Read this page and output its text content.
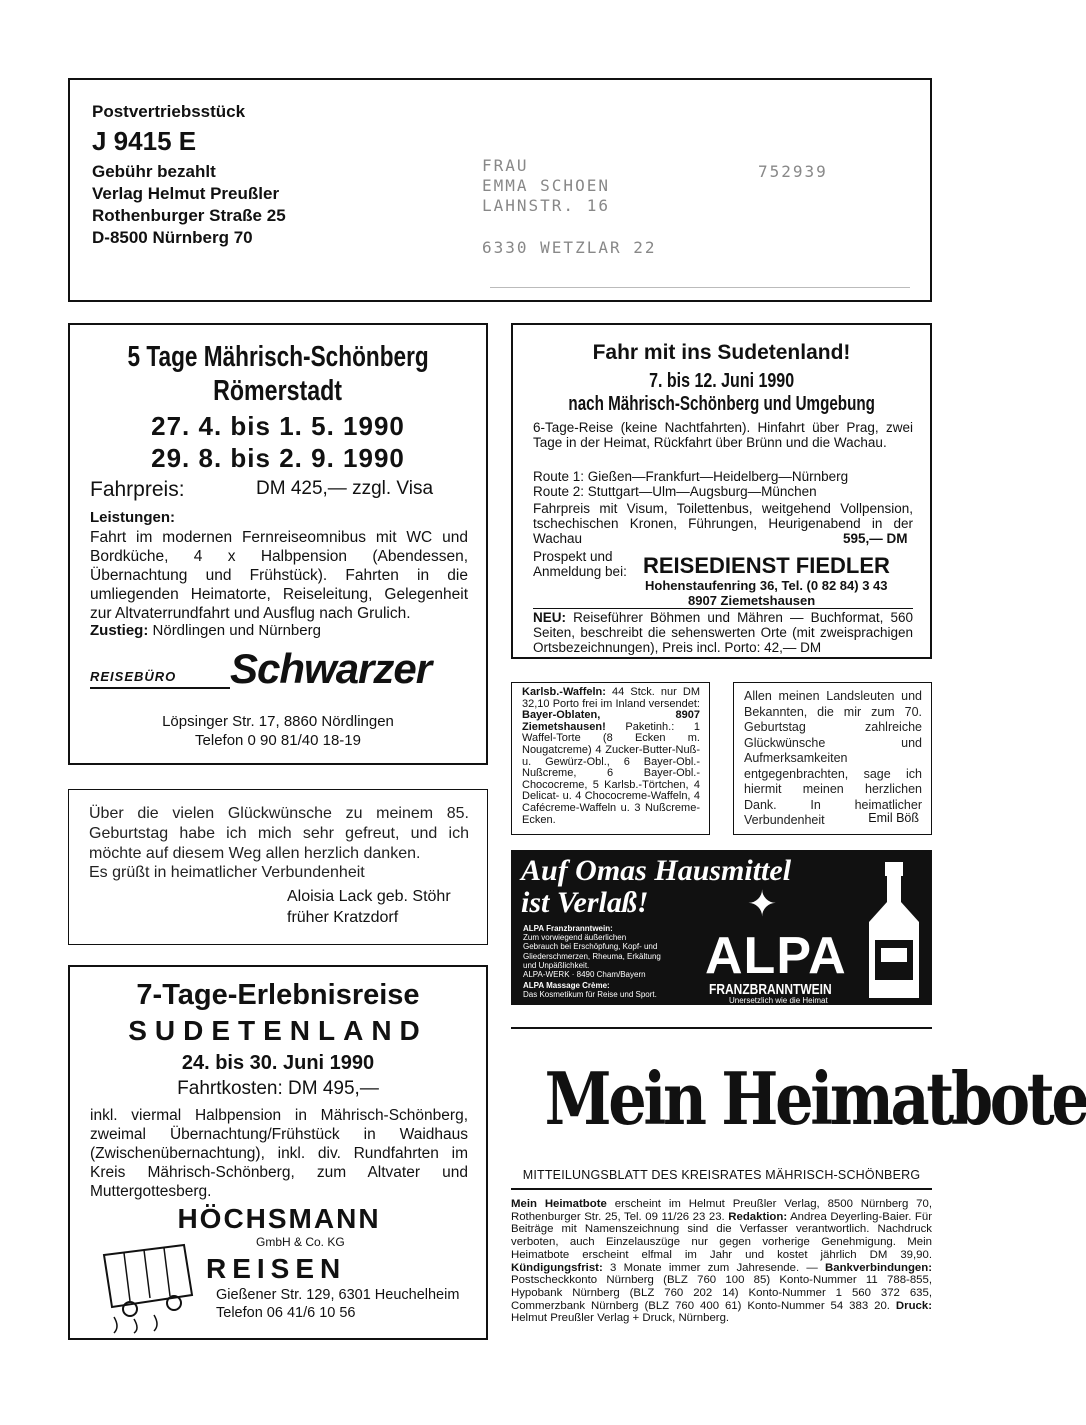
Postvertriebsstück
J 9415 E
Gebühr bezahlt
Verlag Helmut Preußler
Rothenburger Straße 25
D-8500 Nürnberg 70
FRAU
EMMA SCHOEN
LAHNSTR. 16
6330 WETZLAR 22
752939
5 Tage Mährisch-Schönberg
Römerstadt
27. 4. bis 1. 5. 1990
29. 8. bis 2. 9. 1990
Fahrpreis:	DM 425,— zzgl. Visa
Leistungen:
Fahrt im modernen Fernreiseomnibus mit WC und Bordküche, 4 x Halbpension (Abendessen, Übernachtung und Frühstück). Fahrten in die umliegenden Heimatorte, Reiseleitung, Gelegenheit zur Altvaterrundfahrt und Ausflug nach Grulich.
Zustieg: Nördlingen und Nürnberg
REISEBÜRO Schwarzer
Löpsinger Str. 17, 8860 Nördlingen
Telefon 0 90 81/40 18-19
Fahr mit ins Sudetenland!
7. bis 12. Juni 1990
nach Mährisch-Schönberg und Umgebung
6-Tage-Reise (keine Nachtfahrten). Hinfahrt über Prag, zwei Tage in der Heimat, Rückfahrt über Brünn und die Wachau.
Route 1: Gießen—Frankfurt—Heidelberg—Nürnberg
Route 2: Stuttgart—Ulm—Augsburg—München
Fahrpreis mit Visum, Toilettenbus, weitgehend Vollpension, tschechischen Kronen, Führungen, Heurigenabend in der Wachau	595,— DM
Prospekt und
Anmeldung bei: REISEDIENST FIEDLER
Hohenstaufenring 36, Tel. (0 82 84) 3 43
8907 Ziemetshausen
NEU: Reiseführer Böhmen und Mähren — Buchformat, 560 Seiten, beschreibt die sehenswerten Orte (mit zweisprachigen Ortsbezeichnungen), Preis incl. Porto: 42,— DM
Karlsb.-Waffeln: 44 Stck. nur DM 32,10 Porto frei im Inland versendet: Bayer-Oblaten, 8907 Ziemetshausen! Paketinh.: 1 Waffel-Torte (8 Ecken m. Nougatcreme) 4 Zucker-Butter-Nuß-u. Gewürz-Obl., 6 Bayer-Obl.-Nußcreme, 6 Bayer-Obl.-Chococreme, 5 Karlsb.-Törtchen, 4 Delicat- u. 4 Chococreme-Waffeln, 4 Cafécreme-Waffeln u. 3 Nußcreme-Ecken.
Allen meinen Landsleuten und Bekannten, die mir zum 70. Geburtstag zahlreiche Glückwünsche und Aufmerksamkeiten entgegenbrachten, sage ich hiermit meinen herzlichen Dank. In heimatlicher Verbundenheit	Emil Böß
Über die vielen Glückwünsche zu meinem 85. Geburtstag habe ich mich sehr gefreut, und ich möchte auf diesem Weg allen herzlich danken.
Es grüßt in heimatlicher Verbundenheit
Aloisia Lack geb. Stöhr
früher Kratzdorf
Auf Omas Hausmittel
ist Verlaß!	✦
ALPA Franzbranntwein:
Zum vorwiegend äußerlichen
Gebrauch bei Erschöpfung, Kopf- und
Gliederschmerzen, Rheuma, Erkältung
und Unpäßlichkeit.
ALPA-WERK · 8490 Cham/Bayern
ALPA Massage Crème:
Das Kosmetikum für Reise und Sport.
ALPA
FRANZBRANNTWEIN
Unersetzlich wie die Heimat
7-Tage-Erlebnisreise
SUDETENLAND
24. bis 30. Juni 1990
Fahrtkosten: DM 495,—
inkl. viermal Halbpension in Mährisch-Schönberg, zweimal Übernachtung/Frühstück in Waidhaus (Zwischenübernachtung), inkl. div. Rundfahrten im Kreis Mährisch-Schönberg, zum Altvater und Muttergottesberg.
HÖCHSMANN
GmbH & Co. KG
REISEN
Gießener Str. 129, 6301 Heuchelheim
Telefon 06 41/6 10 56
Mein Heimatbote
MITTEILUNGSBLATT DES KREISRATES MÄHRISCH-SCHÖNBERG
Mein Heimatbote erscheint im Helmut Preußler Verlag, 8500 Nürnberg 70, Rothenburger Str. 25, Tel. 09 11/26 23 23. Redaktion: Andrea Deyerling-Baier. Für Beiträge mit Namenszeichnung sind die Verfasser verantwortlich. Nachdruck verboten, auch Einzelauszüge nur gegen vorherige Genehmigung. Mein Heimatbote erscheint elfmal im Jahr und kostet jährlich DM 39,90. Kündigungsfrist: 3 Monate immer zum Jahresende. — Bankverbindungen: Postscheckkonto Nürnberg (BLZ 760 100 85) Konto-Nummer 11 788-855, Hypobank Nürnberg (BLZ 760 202 14) Konto-Nummer 1 560 372 635, Commerzbank Nürnberg (BLZ 760 400 61) Konto-Nummer 54 383 20. Druck: Helmut Preußler Verlag + Druck, Nürnberg.
